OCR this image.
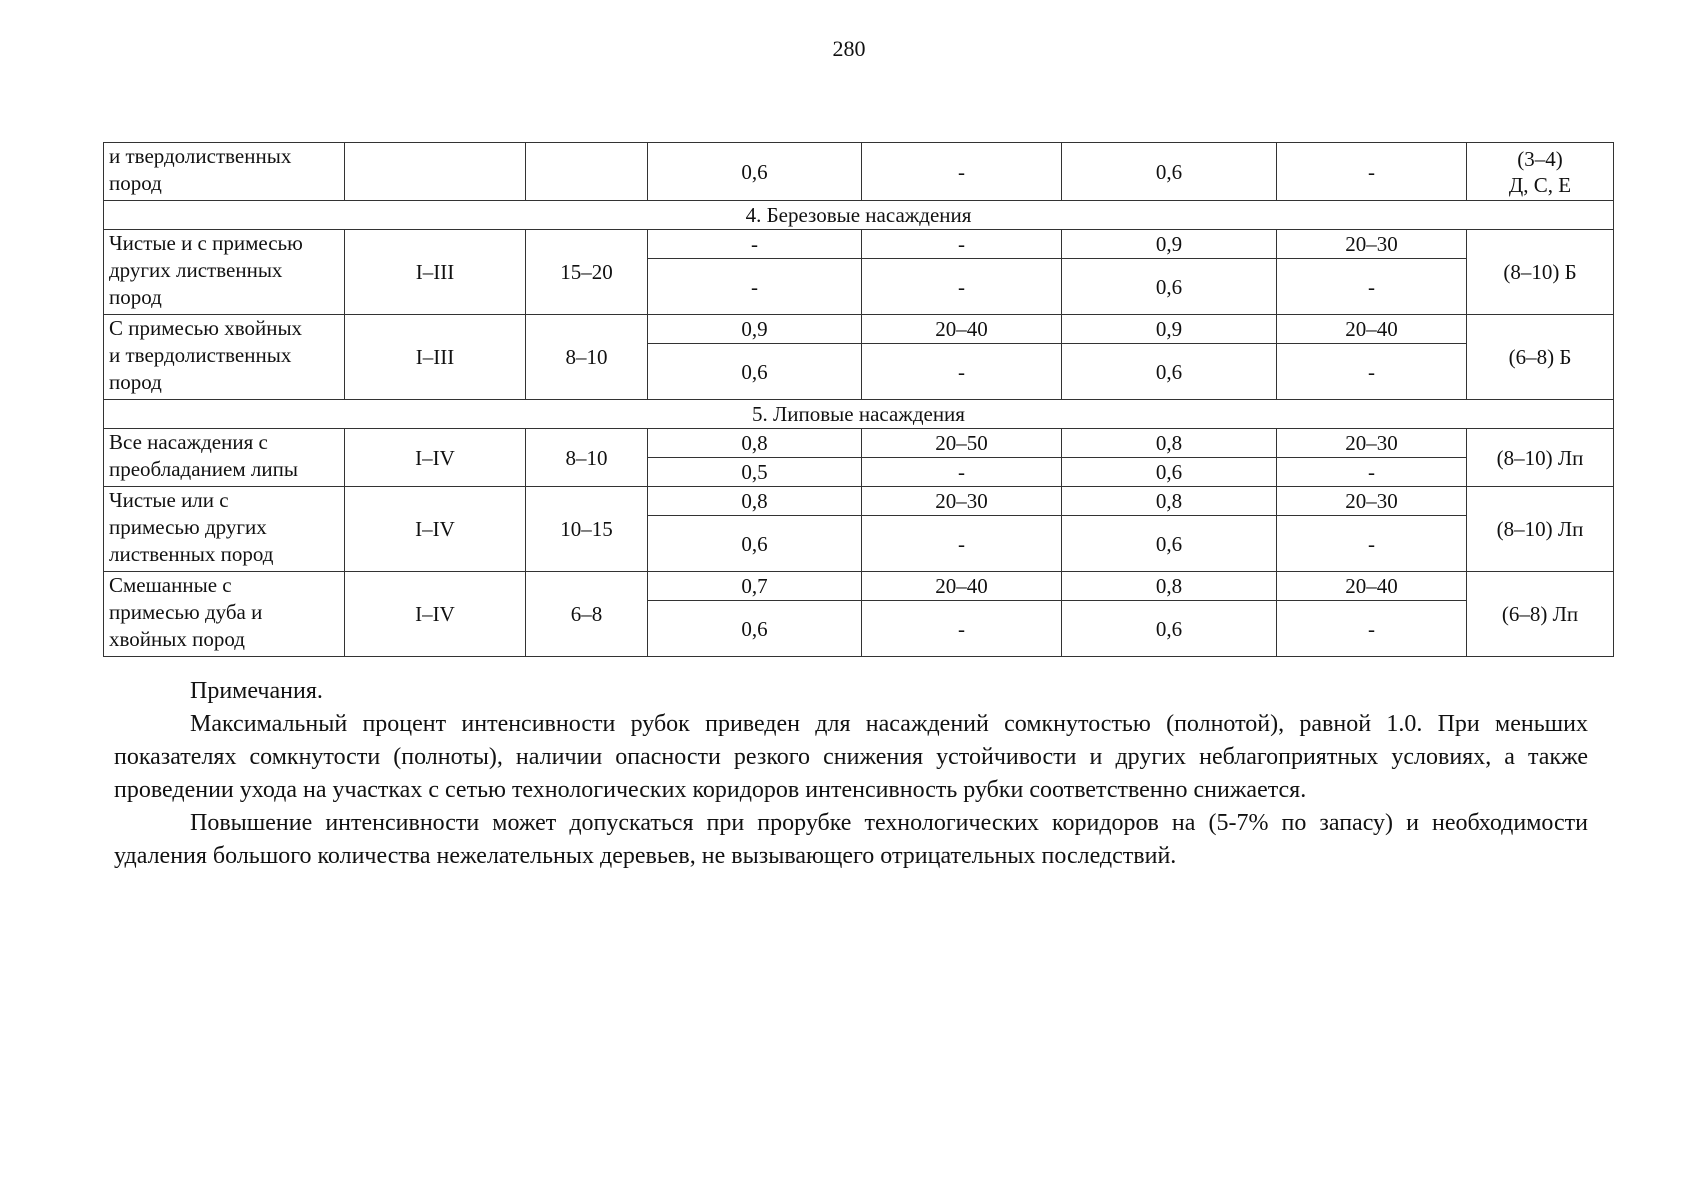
280
и твердолиственных
пород			0,6	-	0,6	-	(3–4)
Д, С, Е
4. Березовые насаждения							
Чистые и с примесью
других лиственных
пород	I–III	15–20	-	-	0,9	20–30	(8–10) Б
			-	-	0,6	-	
С примесью хвойных
и твердолиственных
пород	I–III	8–10	0,9	20–40	0,9	20–40	(6–8) Б
			0,6	-	0,6	-	
5. Липовые насаждения							
Все насаждения с
преобладанием липы	I–IV	8–10	0,8	20–50	0,8	20–30	(8–10) Лп
			0,5	-	0,6	-	
Чистые или с
примесью других
лиственных пород	I–IV	10–15	0,8	20–30	0,8	20–30	(8–10) Лп
			0,6	-	0,6	-	
Смешанные с
примесью дуба и
хвойных пород	I–IV	6–8	0,7	20–40	0,8	20–40	(6–8) Лп
			0,6	-	0,6	-	

Примечания.

Максимальный процент интенсивности рубок приведен для насаждений сомкнутостью (полнотой), равной 1.0. При меньших показателях сомкнутости (полноты), наличии опасности резкого снижения устойчивости и других неблагоприятных условиях, а также проведении ухода на участках с сетью технологических коридоров интенсивность рубки соответственно снижается.

Повышение интенсивности может допускаться при прорубке технологических коридоров на (5-7% по запасу) и необходимости удаления большого количества нежелательных деревьев, не вызывающего отрицательных последствий.
